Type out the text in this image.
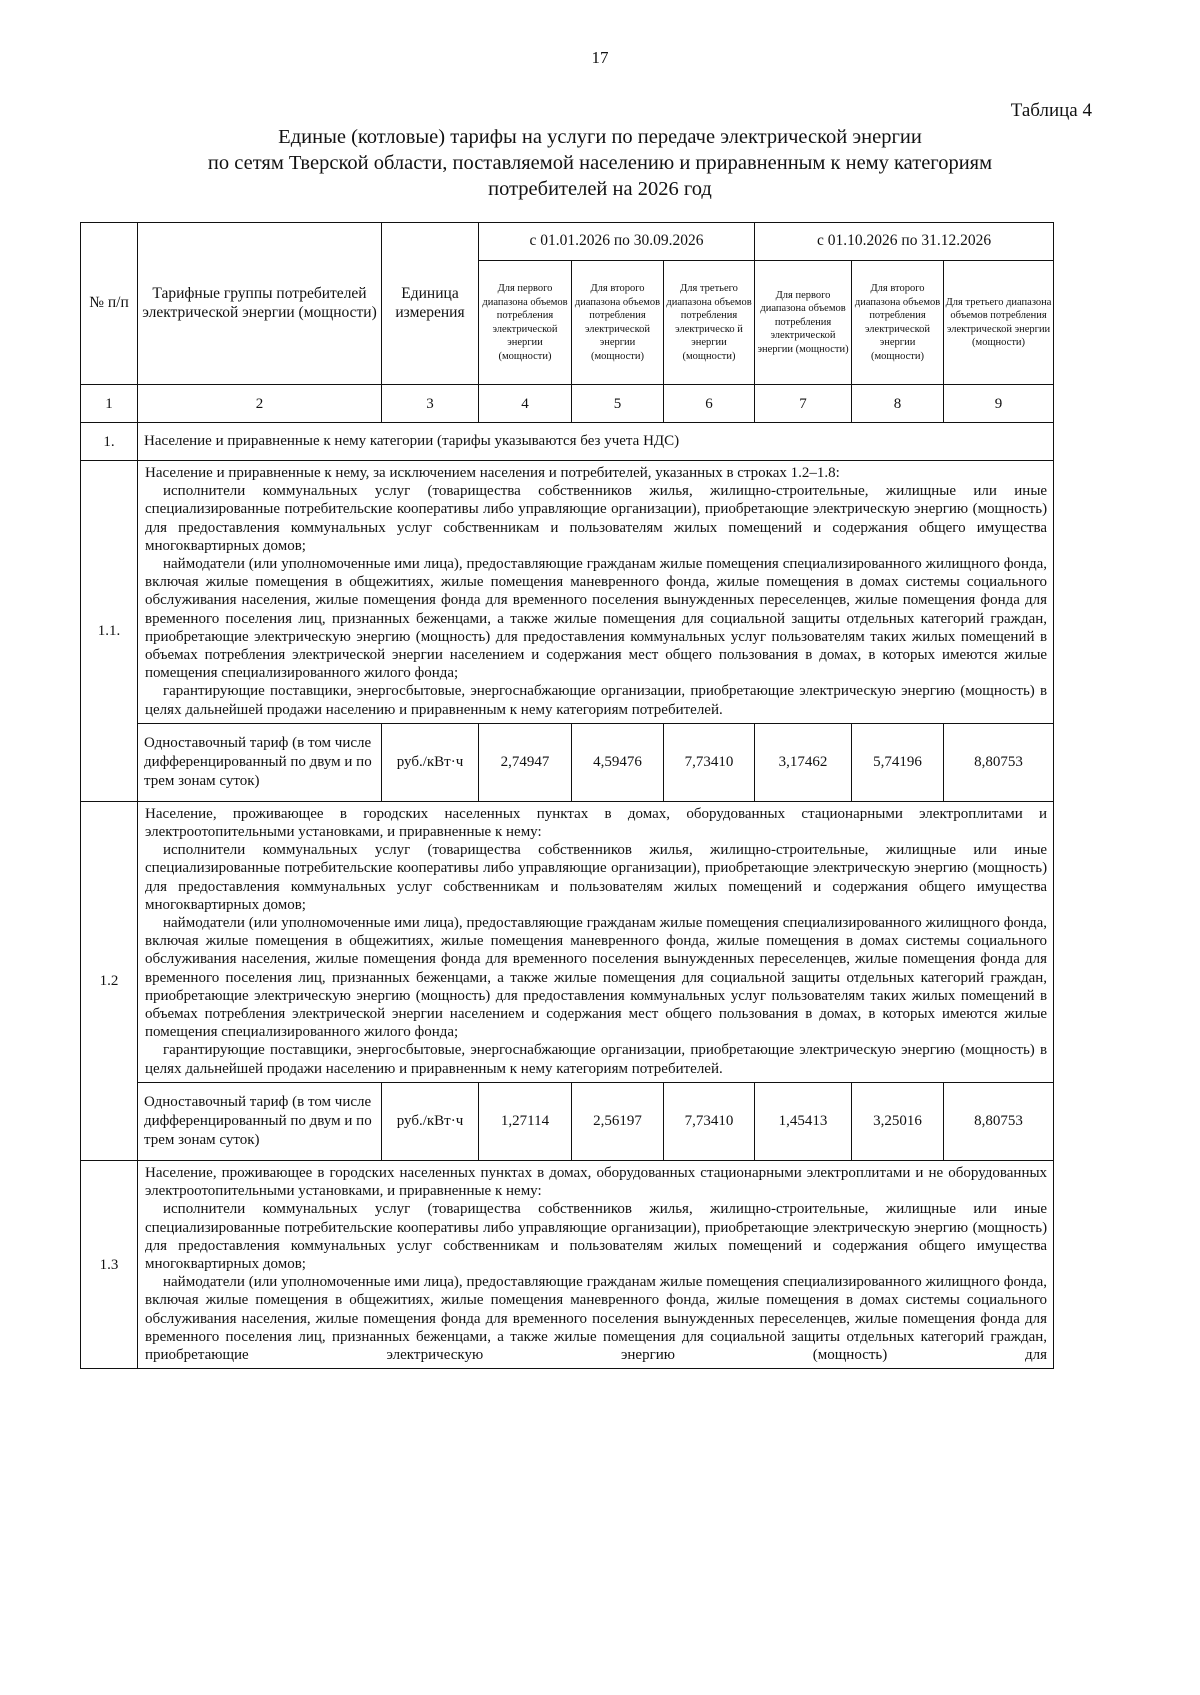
17
Таблица 4
Единые (котловые) тарифы на услуги по передаче электрической энергии
по сетям Тверской области, поставляемой населению и приравненным к нему категориям
потребителей на 2026 год
№ п/п	Тарифные группы потребителей электрической энергии (мощности)	Единица измерения	с 01.01.2026 по 30.09.2026			с 01.10.2026 по 31.12.2026		
			Для первого диапазона объемов потребления электрической энергии (мощности)	Для второго диапазона объемов потребления электрической энергии (мощности)	Для третьего диапазона объемов потребления электрическо й энергии (мощности)	Для первого диапазона объемов потребления электрической энергии (мощности)	Для второго диапазона объемов потребления электрической энергии (мощности)	Для третьего диапазона объемов потребления электрической энергии (мощности)
1	2	3	4	5	6	7	8	9
1.	Население и приравненные к нему категории (тарифы указываются без учета НДС)							
1.1.	Население и приравненные к нему, за исключением населения и потребителей, указанных в строках 1.2–1.8:

исполнители коммунальных услуг (товарищества собственников жилья, жилищно-строительные, жилищные или иные специализированные потребительские кооперативы либо управляющие организации), приобретающие электрическую энергию (мощность) для предоставления коммунальных услуг собственникам и пользователям жилых помещений и содержания общего имущества многоквартирных домов;

наймодатели (или уполномоченные ими лица), предоставляющие гражданам жилые помещения специализированного жилищного фонда, включая жилые помещения в общежитиях, жилые помещения маневренного фонда, жилые помещения в домах системы социального обслуживания населения, жилые помещения фонда для временного поселения вынужденных переселенцев, жилые помещения фонда для временного поселения лиц, признанных беженцами, а также жилые помещения для социальной защиты отдельных категорий граждан, приобретающие электрическую энергию (мощность) для предоставления коммунальных услуг пользователям таких жилых помещений в объемах потребления электрической энергии населением и содержания мест общего пользования в домах, в которых имеются жилые помещения специализированного жилого фонда;

гарантирующие поставщики, энергосбытовые, энергоснабжающие организации, приобретающие электрическую энергию (мощность) в целях дальнейшей продажи населению и приравненным к нему категориям потребителей.							

	Одноставочный тариф (в том числе дифференцированный по двум и по трем зонам суток)	руб./кВт·ч	2,74947	4,59476	7,73410	3,17462	5,74196	8,80753
1.2	Население, проживающее в городских населенных пунктах в домах, оборудованных стационарными электроплитами и электроотопительными установками, и приравненные к нему:

исполнители коммунальных услуг (товарищества собственников жилья, жилищно-строительные, жилищные или иные специализированные потребительские кооперативы либо управляющие организации), приобретающие электрическую энергию (мощность) для предоставления коммунальных услуг собственникам и пользователям жилых помещений и содержания общего имущества многоквартирных домов;

наймодатели (или уполномоченные ими лица), предоставляющие гражданам жилые помещения специализированного жилищного фонда, включая жилые помещения в общежитиях, жилые помещения маневренного фонда, жилые помещения в домах системы социального обслуживания населения, жилые помещения фонда для временного поселения вынужденных переселенцев, жилые помещения фонда для временного поселения лиц, признанных беженцами, а также жилые помещения для социальной защиты отдельных категорий граждан, приобретающие электрическую энергию (мощность) для предоставления коммунальных услуг пользователям таких жилых помещений в объемах потребления электрической энергии населением и содержания мест общего пользования в домах, в которых имеются жилые помещения специализированного жилого фонда;

гарантирующие поставщики, энергосбытовые, энергоснабжающие организации, приобретающие электрическую энергию (мощность) в целях дальнейшей продажи населению и приравненным к нему категориям потребителей.							

	Одноставочный тариф (в том числе дифференцированный по двум и по трем зонам суток)	руб./кВт·ч	1,27114	2,56197	7,73410	1,45413	3,25016	8,80753
1.3	Население, проживающее в городских населенных пунктах в домах, оборудованных стационарными электроплитами и не оборудованных электроотопительными установками, и приравненные к нему:

исполнители коммунальных услуг (товарищества собственников жилья, жилищно-строительные, жилищные или иные специализированные потребительские кооперативы либо управляющие организации), приобретающие электрическую энергию (мощность) для предоставления коммунальных услуг собственникам и пользователям жилых помещений и содержания общего имущества многоквартирных домов;

наймодатели (или уполномоченные ими лица), предоставляющие гражданам жилые помещения специализированного жилищного фонда, включая жилые помещения в общежитиях, жилые помещения маневренного фонда, жилые помещения в домах системы социального обслуживания населения, жилые помещения фонда для временного поселения вынужденных переселенцев, жилые помещения фонда для временного поселения лиц, признанных беженцами, а также жилые помещения для социальной защиты отдельных категорий граждан, приобретающие электрическую энергию (мощность) для							
